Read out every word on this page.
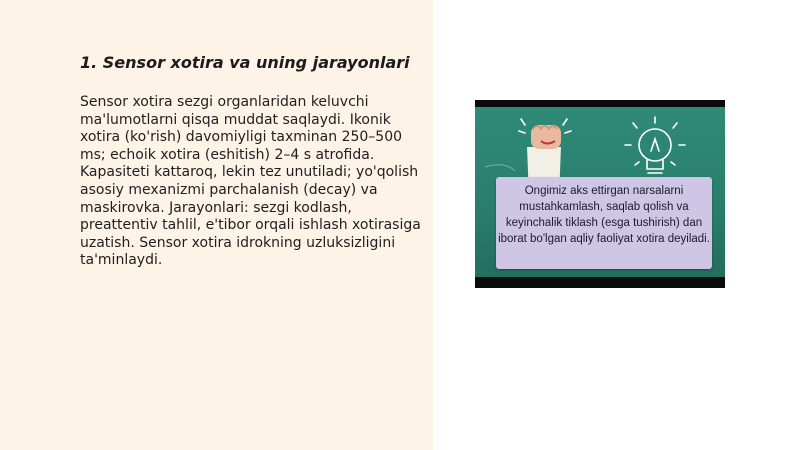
1. Sensor xotira va uning jarayonlari

Sensor xotira sezgi organlaridan keluvchi ma'lumotlarni qisqa muddat saqlaydi. Ikonik xotira (ko'rish) davomiyligi taxminan 250–500 ms; echoik xotira (eshitish) 2–4 s atrofida. Kapasiteti kattaroq, lekin tez unutiladi; yo'qolish asosiy mexanizmi parchalanish (decay) va maskirovka. Jarayonlari: sezgi kodlash, preattentiv tahlil, e'tibor orqali ishlash xotirasiga uzatish. Sensor xotira idrokning uzluksizligini ta'minlaydi.

Ongimiz aks ettirgan narsalarni mustahkamlash, saqlab qolish va keyinchalik tiklash (esga tushirish) dan iborat bo'lgan aqliy faoliyat xotira deyiladi.
